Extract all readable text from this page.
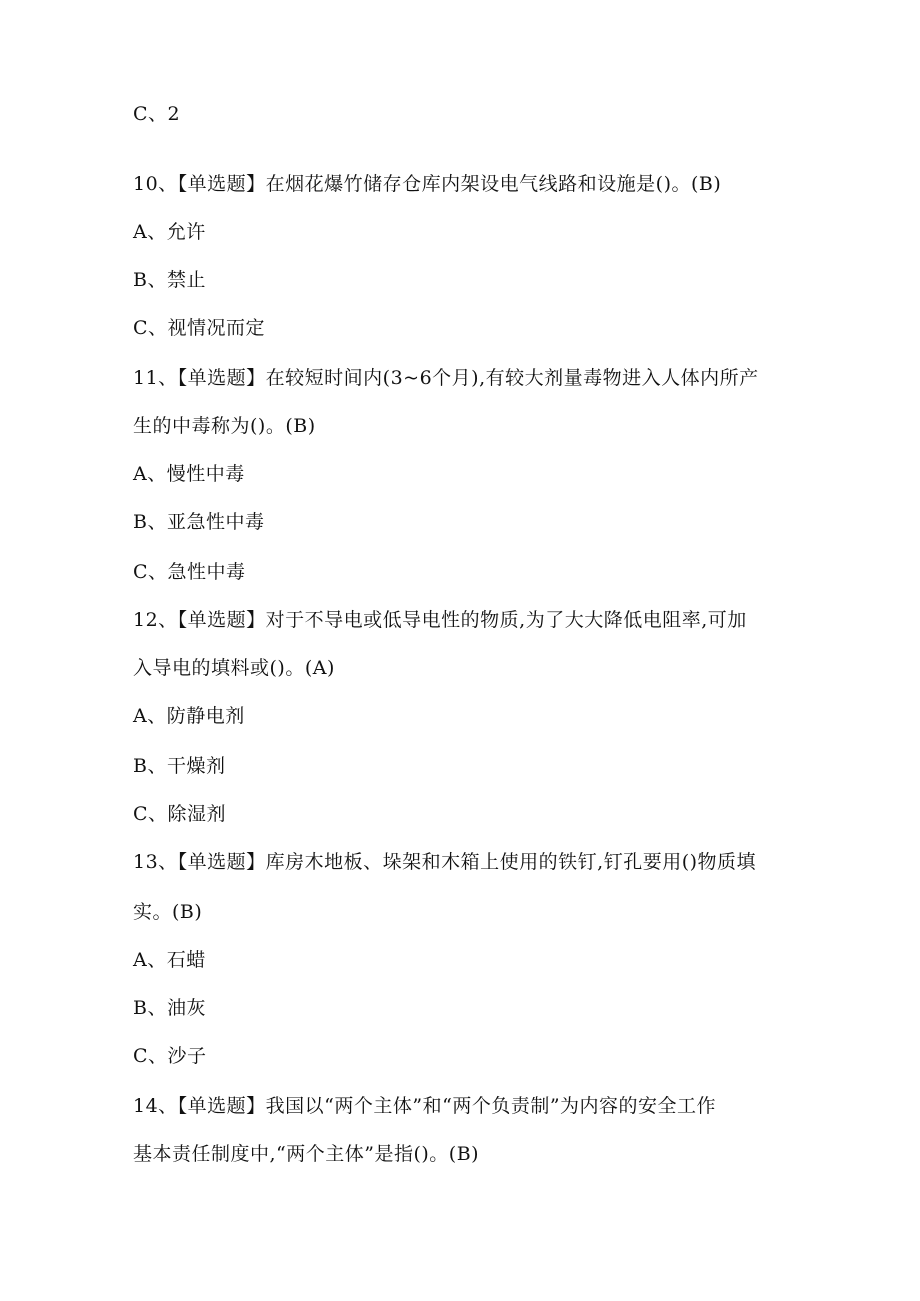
C、2
10、【单选题】在烟花爆竹储存仓库内架设电气线路和设施是()。(B)
A、允许
B、禁止
C、视情况而定
11、【单选题】在较短时间内(3~6个月),有较大剂量毒物进入人体内所产
生的中毒称为()。(B)
A、慢性中毒
B、亚急性中毒
C、急性中毒
12、【单选题】对于不导电或低导电性的物质,为了大大降低电阻率,可加
入导电的填料或()。(A)
A、防静电剂
B、干燥剂
C、除湿剂
13、【单选题】库房木地板、垛架和木箱上使用的铁钉,钉孔要用()物质填
实。(B)
A、石蜡
B、油灰
C、沙子
14、【单选题】我国以“两个主体”和“两个负责制”为内容的安全工作
基本责任制度中,“两个主体”是指()。(B)
